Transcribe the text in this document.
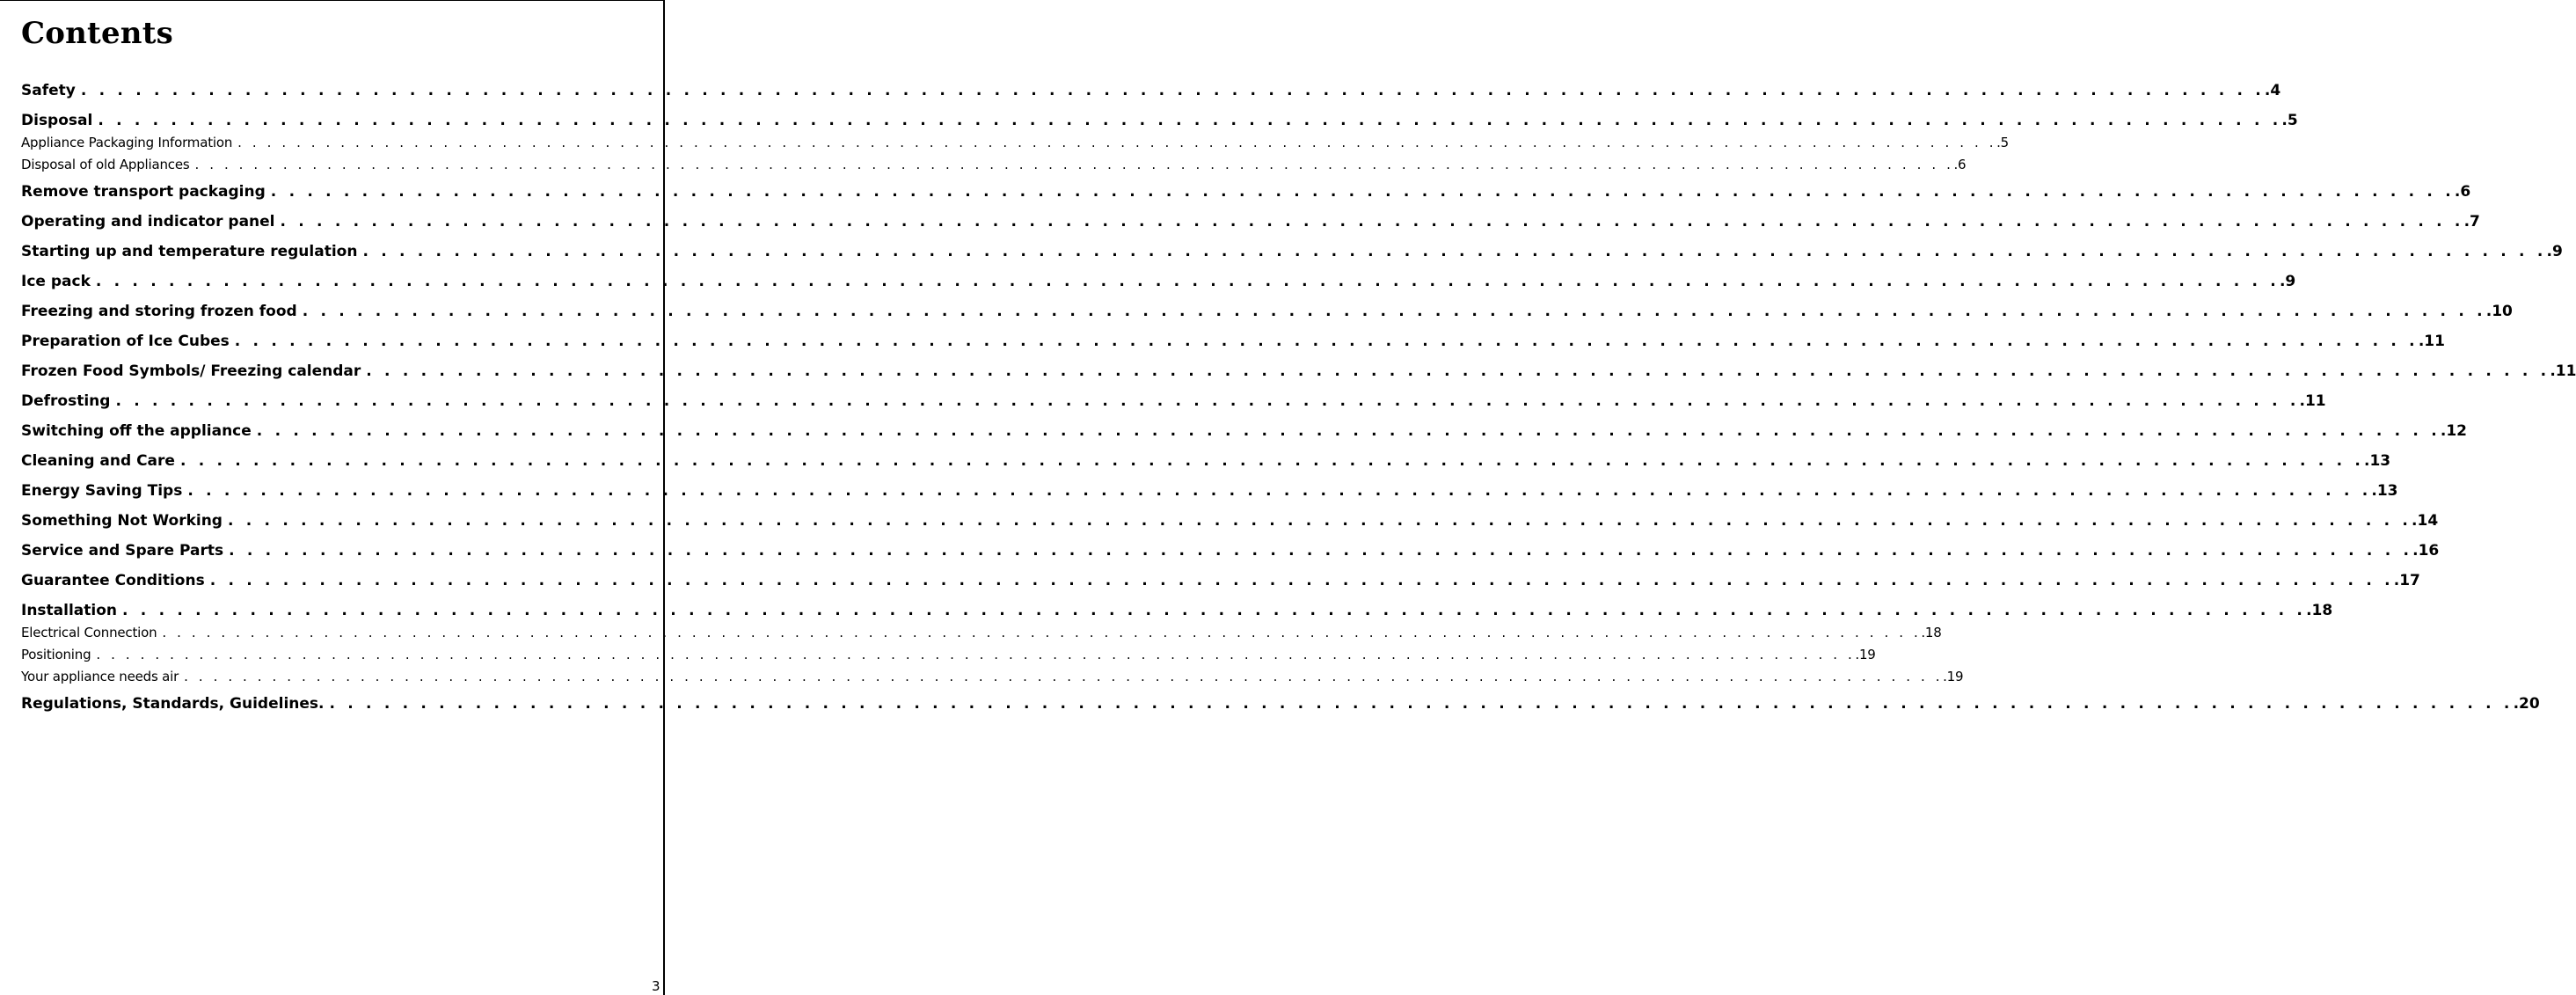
Contents
Safety . . . . . . . . . . . . . . . . . . . . . . . . . . . . . . . . . . . . . . . . . . . . . . . . . . . . . . . . . . . . . . . . . . . . . . . . . . . . . . . . . . . . . . . . . . . . . . . . . . . . . . . . . . . . . . . . . . . . . . . . .4
Disposal . . . . . . . . . . . . . . . . . . . . . . . . . . . . . . . . . . . . . . . . . . . . . . . . . . . . . . . . . . . . . . . . . . . . . . . . . . . . . . . . . . . . . . . . . . . . . . . . . . . . . . . . . . . . . . . . . . . . . . . . .5
Appliance Packaging Information . . . . . . . . . . . . . . . . . . . . . . . . . . . . . . . . . . . . . . . . . . . . . . . . . . . . . . . . . . . . . . . . . . . . . . . . . . . . . . . . . . . . . . . . . . . . . . . . . . . . . . . . . . . . . . . . . . . . . . . . .5
Disposal of old Appliances . . . . . . . . . . . . . . . . . . . . . . . . . . . . . . . . . . . . . . . . . . . . . . . . . . . . . . . . . . . . . . . . . . . . . . . . . . . . . . . . . . . . . . . . . . . . . . . . . . . . . . . . . . . . . . . . . . . . . . . . .6
Remove transport packaging . . . . . . . . . . . . . . . . . . . . . . . . . . . . . . . . . . . . . . . . . . . . . . . . . . . . . . . . . . . . . . . . . . . . . . . . . . . . . . . . . . . . . . . . . . . . . . . . . . . . . . . . . . . . . . . . . . . . . . . . .6
Operating and indicator panel . . . . . . . . . . . . . . . . . . . . . . . . . . . . . . . . . . . . . . . . . . . . . . . . . . . . . . . . . . . . . . . . . . . . . . . . . . . . . . . . . . . . . . . . . . . . . . . . . . . . . . . . . . . . . . . . . . . . . . . . .7
Starting up and temperature regulation . . . . . . . . . . . . . . . . . . . . . . . . . . . . . . . . . . . . . . . . . . . . . . . . . . . . . . . . . . . . . . . . . . . . . . . . . . . . . . . . . . . . . . . . . . . . . . . . . . . . . . . . . . . . . . . . . . . . . . . . .9
Ice pack . . . . . . . . . . . . . . . . . . . . . . . . . . . . . . . . . . . . . . . . . . . . . . . . . . . . . . . . . . . . . . . . . . . . . . . . . . . . . . . . . . . . . . . . . . . . . . . . . . . . . . . . . . . . . . . . . . . . . . . . .9
Freezing and storing frozen food . . . . . . . . . . . . . . . . . . . . . . . . . . . . . . . . . . . . . . . . . . . . . . . . . . . . . . . . . . . . . . . . . . . . . . . . . . . . . . . . . . . . . . . . . . . . . . . . . . . . . . . . . . . . . . . . . . . . . . . . .10
Preparation of Ice Cubes . . . . . . . . . . . . . . . . . . . . . . . . . . . . . . . . . . . . . . . . . . . . . . . . . . . . . . . . . . . . . . . . . . . . . . . . . . . . . . . . . . . . . . . . . . . . . . . . . . . . . . . . . . . . . . . . . . . . . . . . .11
Frozen Food Symbols/ Freezing calendar . . . . . . . . . . . . . . . . . . . . . . . . . . . . . . . . . . . . . . . . . . . . . . . . . . . . . . . . . . . . . . . . . . . . . . . . . . . . . . . . . . . . . . . . . . . . . . . . . . . . . . . . . . . . . . . . . . . . . . . . .11
Defrosting . . . . . . . . . . . . . . . . . . . . . . . . . . . . . . . . . . . . . . . . . . . . . . . . . . . . . . . . . . . . . . . . . . . . . . . . . . . . . . . . . . . . . . . . . . . . . . . . . . . . . . . . . . . . . . . . . . . . . . . . .11
Switching off the appliance . . . . . . . . . . . . . . . . . . . . . . . . . . . . . . . . . . . . . . . . . . . . . . . . . . . . . . . . . . . . . . . . . . . . . . . . . . . . . . . . . . . . . . . . . . . . . . . . . . . . . . . . . . . . . . . . . . . . . . . . .12
Cleaning and Care . . . . . . . . . . . . . . . . . . . . . . . . . . . . . . . . . . . . . . . . . . . . . . . . . . . . . . . . . . . . . . . . . . . . . . . . . . . . . . . . . . . . . . . . . . . . . . . . . . . . . . . . . . . . . . . . . . . . . . . . .13
Energy Saving Tips . . . . . . . . . . . . . . . . . . . . . . . . . . . . . . . . . . . . . . . . . . . . . . . . . . . . . . . . . . . . . . . . . . . . . . . . . . . . . . . . . . . . . . . . . . . . . . . . . . . . . . . . . . . . . . . . . . . . . . . . .13
Something Not Working . . . . . . . . . . . . . . . . . . . . . . . . . . . . . . . . . . . . . . . . . . . . . . . . . . . . . . . . . . . . . . . . . . . . . . . . . . . . . . . . . . . . . . . . . . . . . . . . . . . . . . . . . . . . . . . . . . . . . . . . .14
Service and Spare Parts . . . . . . . . . . . . . . . . . . . . . . . . . . . . . . . . . . . . . . . . . . . . . . . . . . . . . . . . . . . . . . . . . . . . . . . . . . . . . . . . . . . . . . . . . . . . . . . . . . . . . . . . . . . . . . . . . . . . . . . . .16
Guarantee Conditions . . . . . . . . . . . . . . . . . . . . . . . . . . . . . . . . . . . . . . . . . . . . . . . . . . . . . . . . . . . . . . . . . . . . . . . . . . . . . . . . . . . . . . . . . . . . . . . . . . . . . . . . . . . . . . . . . . . . . . . . .17
Installation . . . . . . . . . . . . . . . . . . . . . . . . . . . . . . . . . . . . . . . . . . . . . . . . . . . . . . . . . . . . . . . . . . . . . . . . . . . . . . . . . . . . . . . . . . . . . . . . . . . . . . . . . . . . . . . . . . . . . . . . .18
Electrical Connection . . . . . . . . . . . . . . . . . . . . . . . . . . . . . . . . . . . . . . . . . . . . . . . . . . . . . . . . . . . . . . . . . . . . . . . . . . . . . . . . . . . . . . . . . . . . . . . . . . . . . . . . . . . . . . . . . . . . . . . . .18
Positioning . . . . . . . . . . . . . . . . . . . . . . . . . . . . . . . . . . . . . . . . . . . . . . . . . . . . . . . . . . . . . . . . . . . . . . . . . . . . . . . . . . . . . . . . . . . . . . . . . . . . . . . . . . . . . . . . . . . . . . . . .19
Your appliance needs air . . . . . . . . . . . . . . . . . . . . . . . . . . . . . . . . . . . . . . . . . . . . . . . . . . . . . . . . . . . . . . . . . . . . . . . . . . . . . . . . . . . . . . . . . . . . . . . . . . . . . . . . . . . . . . . . . . . . . . . . .19
Regulations, Standards, Guidelines. . . . . . . . . . . . . . . . . . . . . . . . . . . . . . . . . . . . . . . . . . . . . . . . . . . . . . . . . . . . . . . . . . . . . . . . . . . . . . . . . . . . . . . . . . . . . . . . . . . . . . . . . . . . . . . . . . . . . . . . . .20
3
